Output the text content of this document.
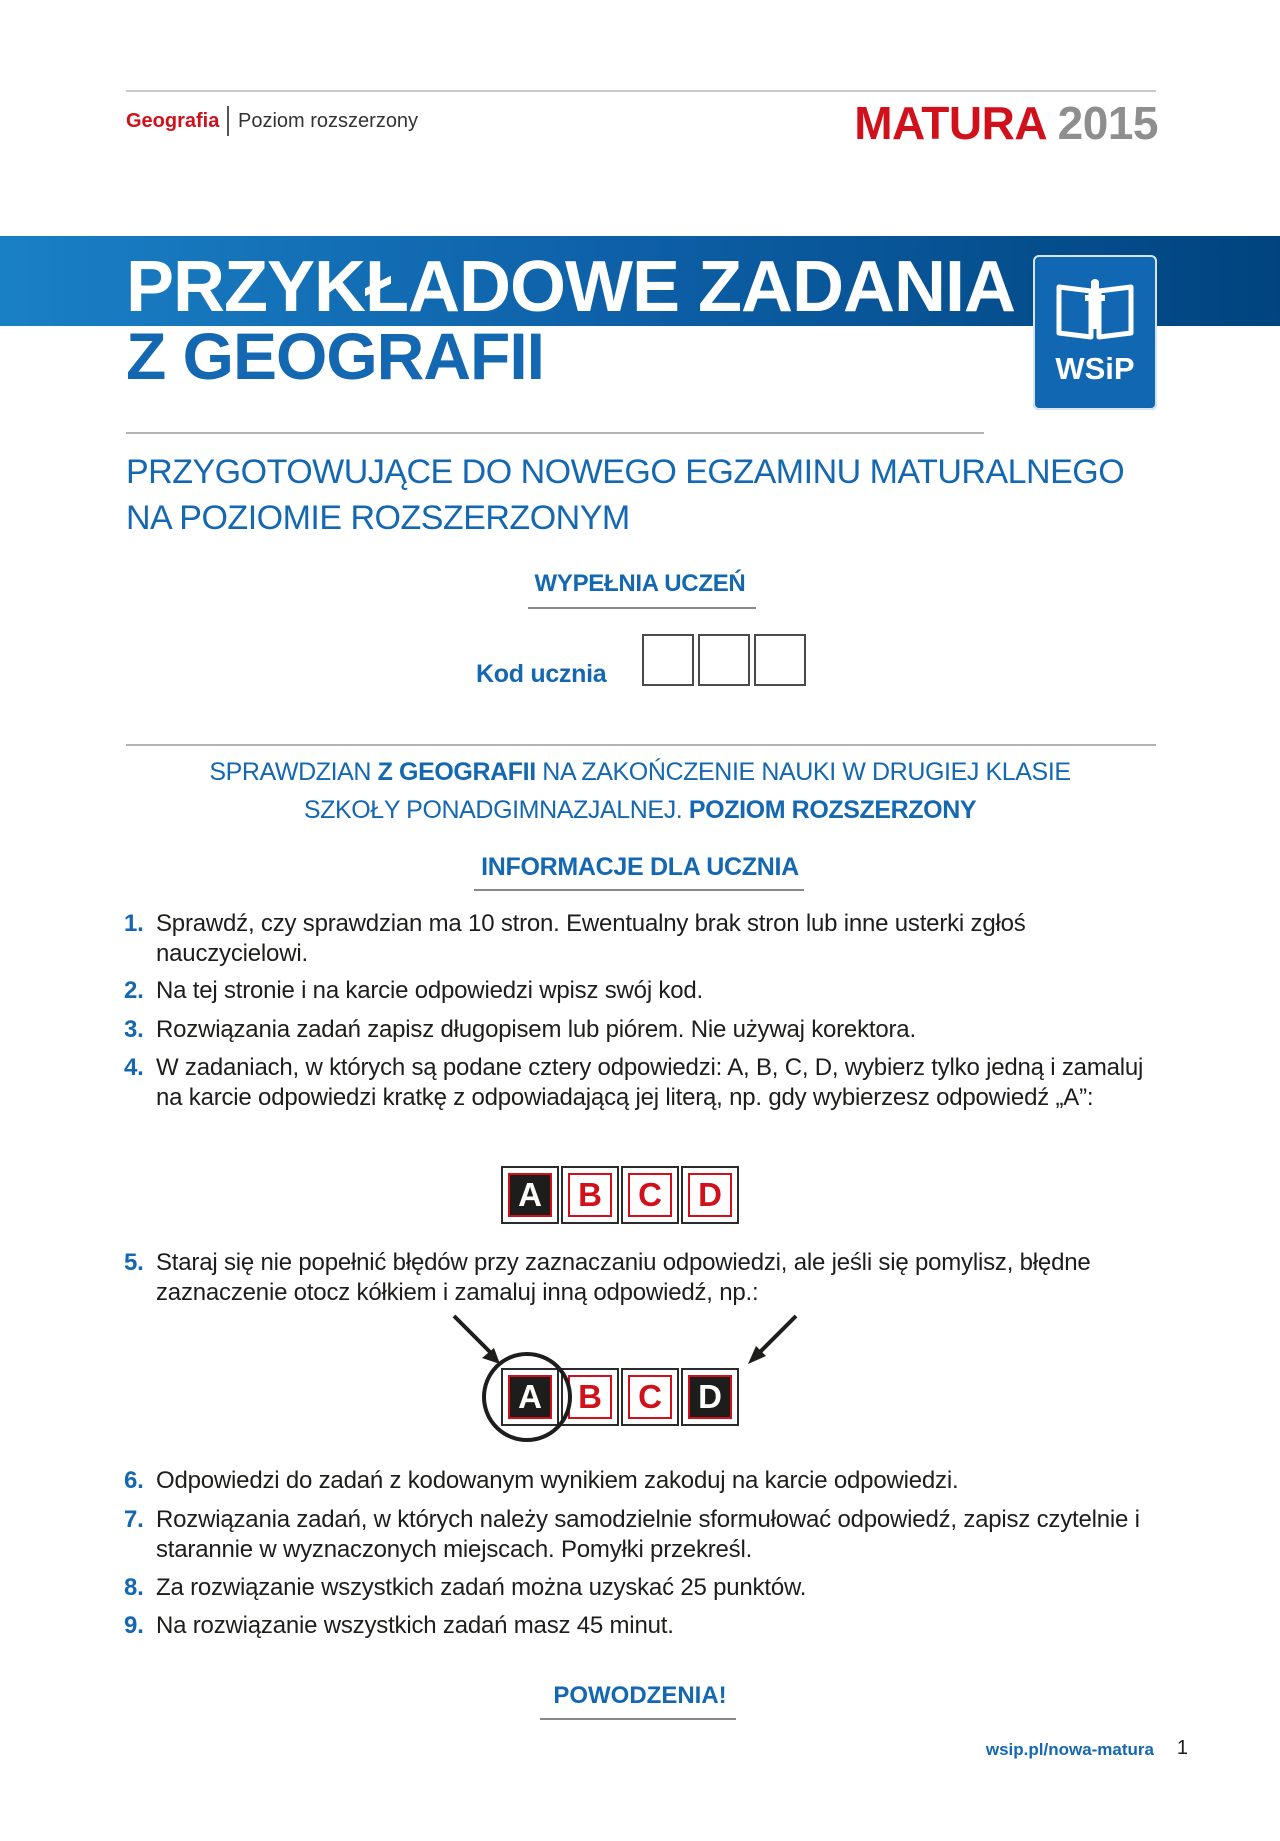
Geografia Poziom rozszerzony	MATURA 2015
PRZYKŁADOWE ZADANIA
Z GEOGRAFII	WSiP
PRZYGOTOWUJĄCE DO NOWEGO EGZAMINU MATURALNEGO
NA POZIOMIE ROZSZERZONYM
WYPEŁNIA UCZEŃ
Kod ucznia
SPRAWDZIAN Z GEOGRAFII NA ZAKOŃCZENIE NAUKI W DRUGIEJ KLASIE
SZKOŁY PONADGIMNAZJALNEJ. POZIOM ROZSZERZONY
INFORMACJE DLA UCZNIA
1. Sprawdź, czy sprawdzian ma 10 stron. Ewentualny brak stron lub inne usterki zgłoś nauczycielowi.
2. Na tej stronie i na karcie odpowiedzi wpisz swój kod.
3. Rozwiązania zadań zapisz długopisem lub piórem. Nie używaj korektora.
4. W zadaniach, w których są podane cztery odpowiedzi: A, B, C, D, wybierz tylko jedną i zamaluj na karcie odpowiedzi kratkę z odpowiadającą jej literą, np. gdy wybierzesz odpowiedź „A”:
A	B	C	D
5. Staraj się nie popełnić błędów przy zaznaczaniu odpowiedzi, ale jeśli się pomylisz, błędne zaznaczenie otocz kółkiem i zamaluj inną odpowiedź, np.:
A	B	C	D
6. Odpowiedzi do zadań z kodowanym wynikiem zakoduj na karcie odpowiedzi.
7. Rozwiązania zadań, w których należy samodzielnie sformułować odpowiedź, zapisz czytelnie i starannie w wyznaczonych miejscach. Pomyłki przekreśl.
8. Za rozwiązanie wszystkich zadań można uzyskać 25 punktów.
9. Na rozwiązanie wszystkich zadań masz 45 minut.
POWODZENIA!
wsip.pl/nowa-matura 1
